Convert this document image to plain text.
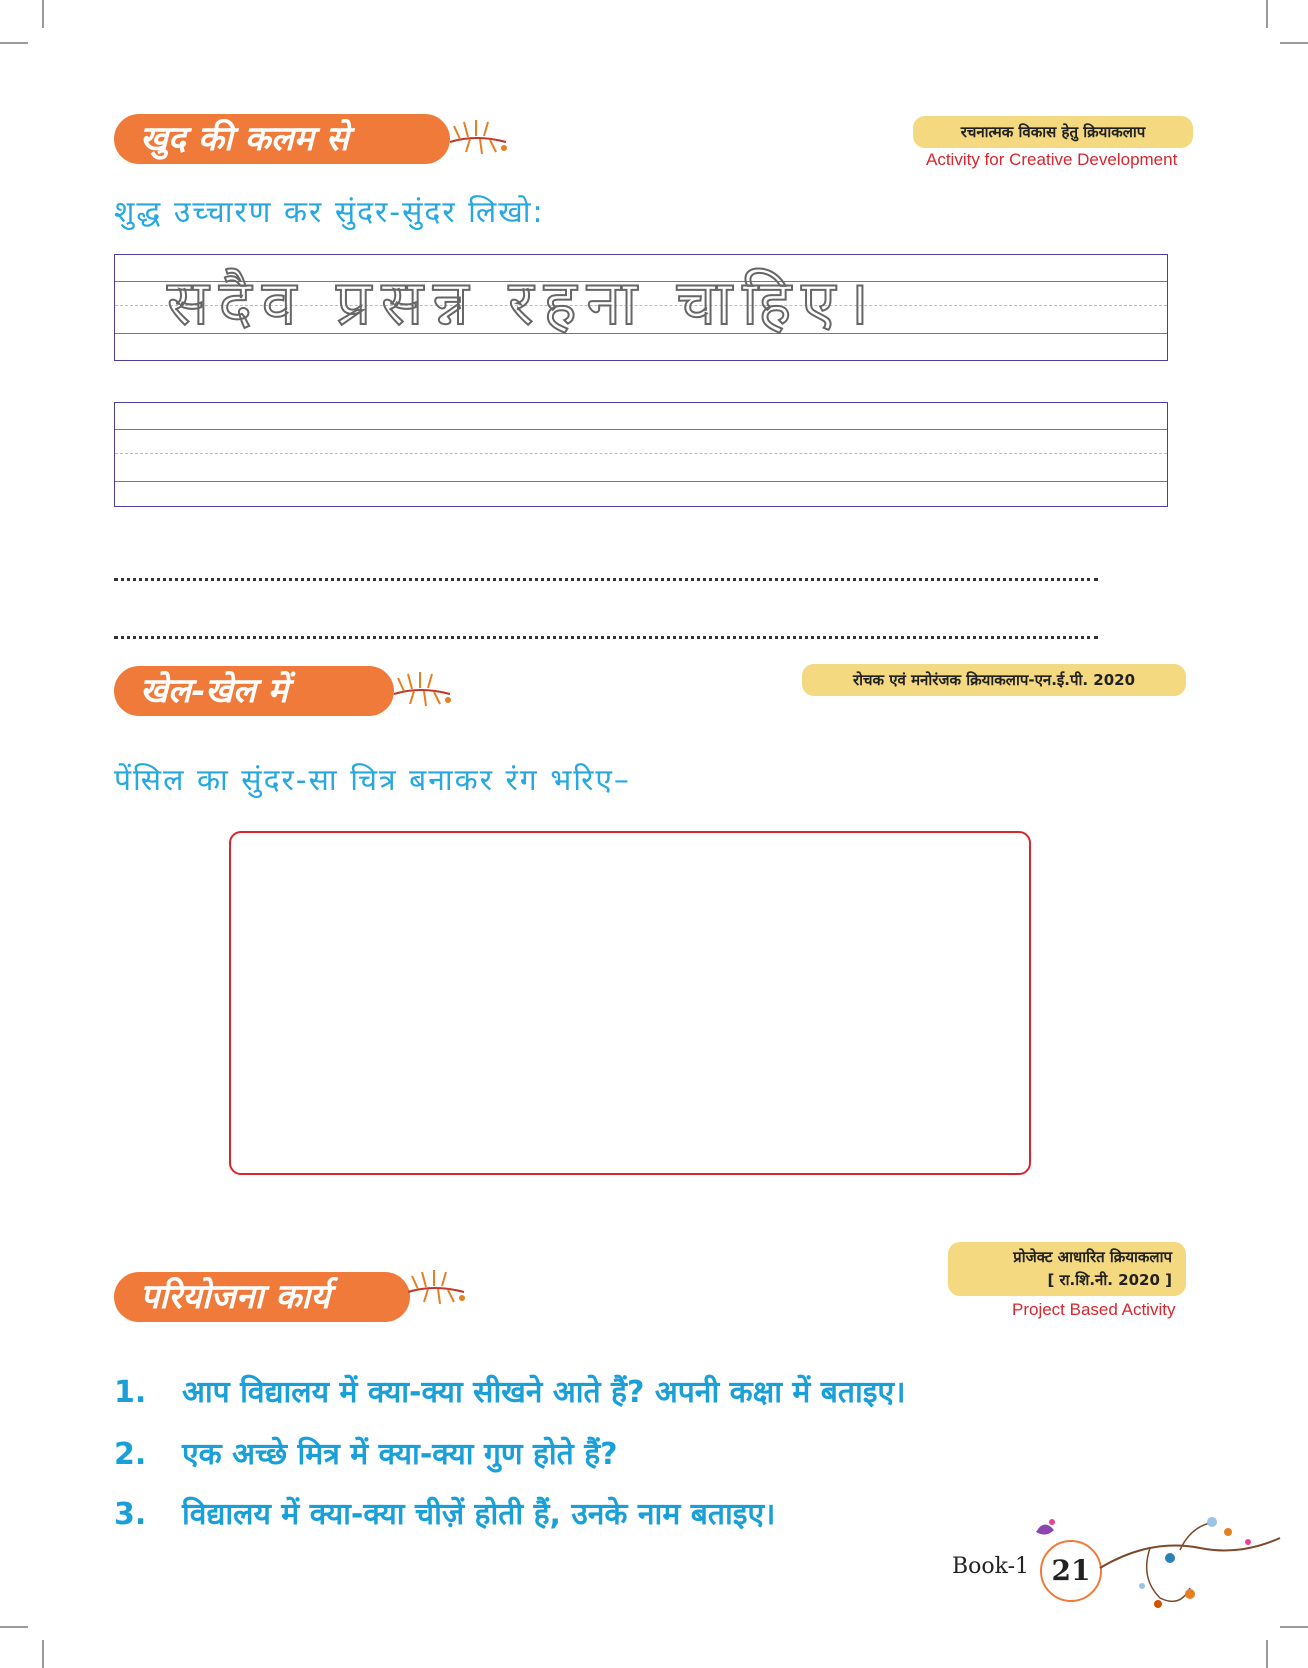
खुद की कलम से	रचनात्मक विकास हेतु क्रियाकलाप
Activity for Creative Development
शुद्ध उच्चारण कर सुंदर-सुंदर लिखो:
सदैव प्रसन्न रहना चाहिए।
खेल-खेल में	रोचक एवं मनोरंजक क्रियाकलाप-एन.ई.पी. 2020
पेंसिल का सुंदर-सा चित्र बनाकर रंग भरिए–
परियोजना कार्य
प्रोजेक्ट आधारित क्रियाकलाप
[ रा.शि.नी. 2020 ]
Project Based Activity
1. आप विद्यालय में क्या-क्या सीखने आते हैं? अपनी कक्षा में बताइए।
2. एक अच्छे मित्र में क्या-क्या गुण होते हैं?
3. विद्यालय में क्या-क्या चीज़ें होती हैं, उनके नाम बताइए।
Book-1 21
